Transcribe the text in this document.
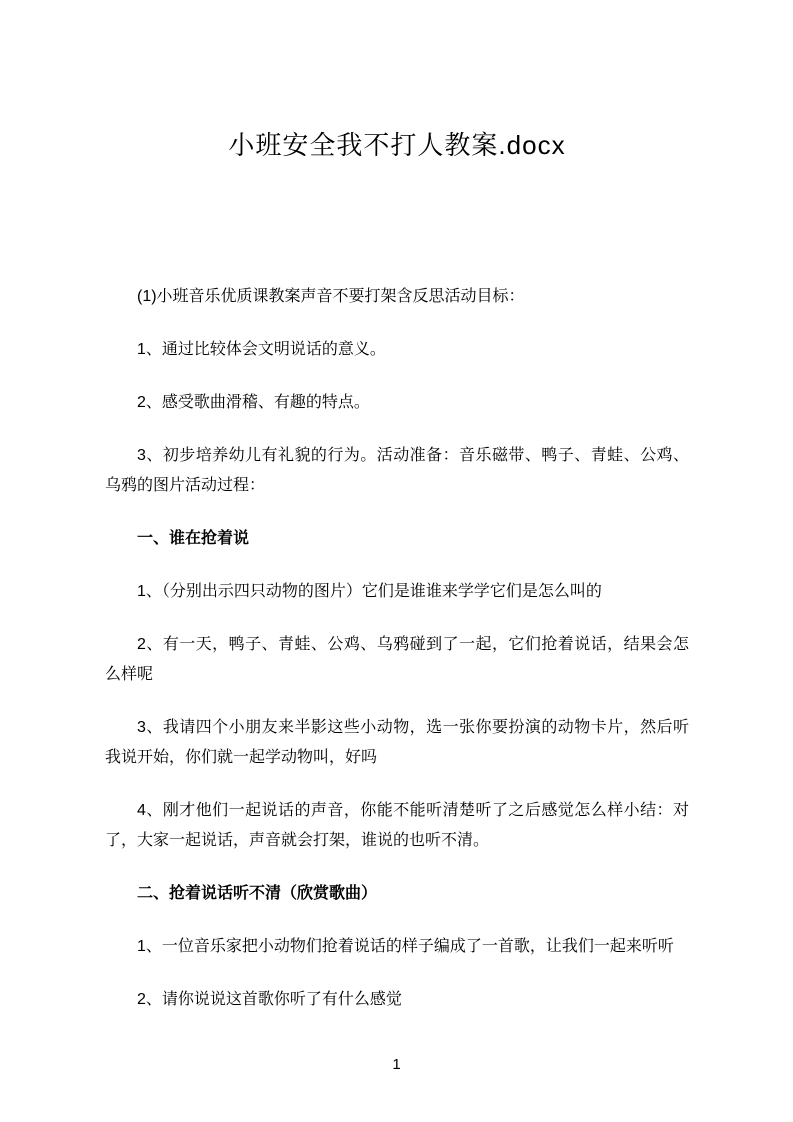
小班安全我不打人教案.docx

(1)小班音乐优质课教案声音不要打架含反思活动目标：

1、通过比较体会文明说话的意义。

2、感受歌曲滑稽、有趣的特点。

3、初步培养幼儿有礼貌的行为。活动准备：音乐磁带、鸭子、青蛙、公鸡、乌鸦的图片活动过程：

一、谁在抢着说

1、（分别出示四只动物的图片）它们是谁谁来学学它们是怎么叫的

2、有一天，鸭子、青蛙、公鸡、乌鸦碰到了一起，它们抢着说话，结果会怎么样呢

3、我请四个小朋友来半影这些小动物，选一张你要扮演的动物卡片，然后听我说开始，你们就一起学动物叫，好吗

4、刚才他们一起说话的声音，你能不能听清楚听了之后感觉怎么样小结：对了，大家一起说话，声音就会打架，谁说的也听不清。

二、抢着说话听不清（欣赏歌曲）

1、一位音乐家把小动物们抢着说话的样子编成了一首歌，让我们一起来听听

2、请你说说这首歌你听了有什么感觉

1
